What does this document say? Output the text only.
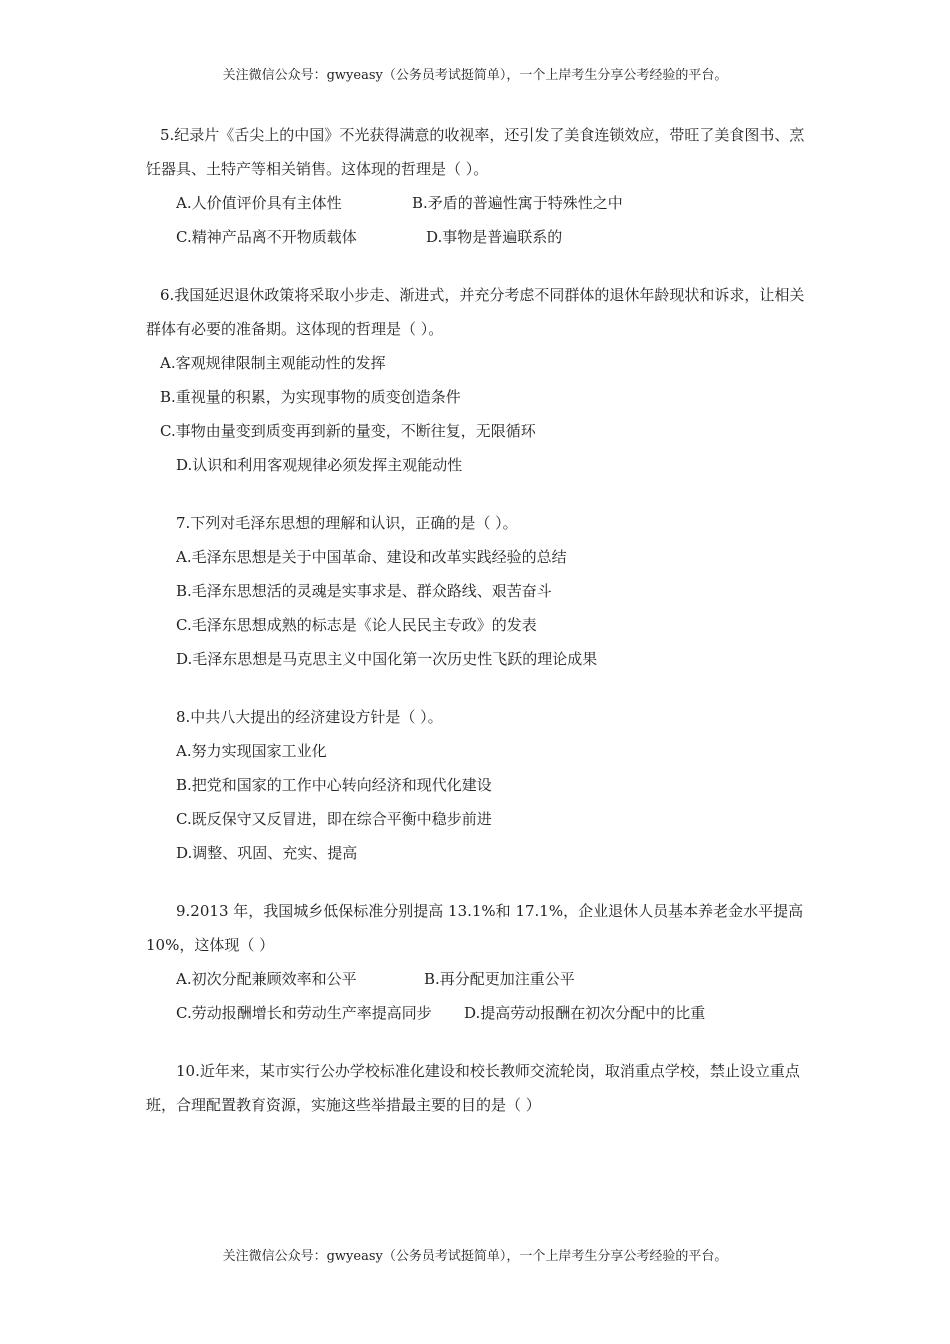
关注微信公众号：gwyeasy（公务员考试挺简单），一个上岸考生分享公考经验的平台。

5.纪录片《舌尖上的中国》不光获得满意的收视率，还引发了美食连锁效应，带旺了美食图书、烹饪器具、土特产等相关销售。这体现的哲理是（ ）。

A.人价值评价具有主体性	B.矛盾的普遍性寓于特殊性之中
C.精神产品离不开物质载体	D.事物是普遍联系的

6.我国延迟退休政策将采取小步走、渐进式，并充分考虑不同群体的退休年龄现状和诉求，让相关群体有必要的准备期。这体现的哲理是（ ）。

A.客观规律限制主观能动性的发挥

B.重视量的积累，为实现事物的质变创造条件

C.事物由量变到质变再到新的量变，不断往复，无限循环

D.认识和利用客观规律必须发挥主观能动性

7.下列对毛泽东思想的理解和认识，正确的是（ ）。

A.毛泽东思想是关于中国革命、建设和改革实践经验的总结

B.毛泽东思想活的灵魂是实事求是、群众路线、艰苦奋斗

C.毛泽东思想成熟的标志是《论人民民主专政》的发表

D.毛泽东思想是马克思主义中国化第一次历史性飞跃的理论成果

8.中共八大提出的经济建设方针是（ ）。

A.努力实现国家工业化

B.把党和国家的工作中心转向经济和现代化建设

C.既反保守又反冒进，即在综合平衡中稳步前进

D.调整、巩固、充实、提高

9.2013 年，我国城乡低保标准分别提高 13.1%和 17.1%，企业退休人员基本养老金水平提高 10%，这体现（ ）

A.初次分配兼顾效率和公平	B.再分配更加注重公平
C.劳动报酬增长和劳动生产率提高同步	D.提高劳动报酬在初次分配中的比重

10.近年来，某市实行公办学校标准化建设和校长教师交流轮岗，取消重点学校，禁止设立重点班，合理配置教育资源，实施这些举措最主要的目的是（ ）

关注微信公众号：gwyeasy（公务员考试挺简单），一个上岸考生分享公考经验的平台。
